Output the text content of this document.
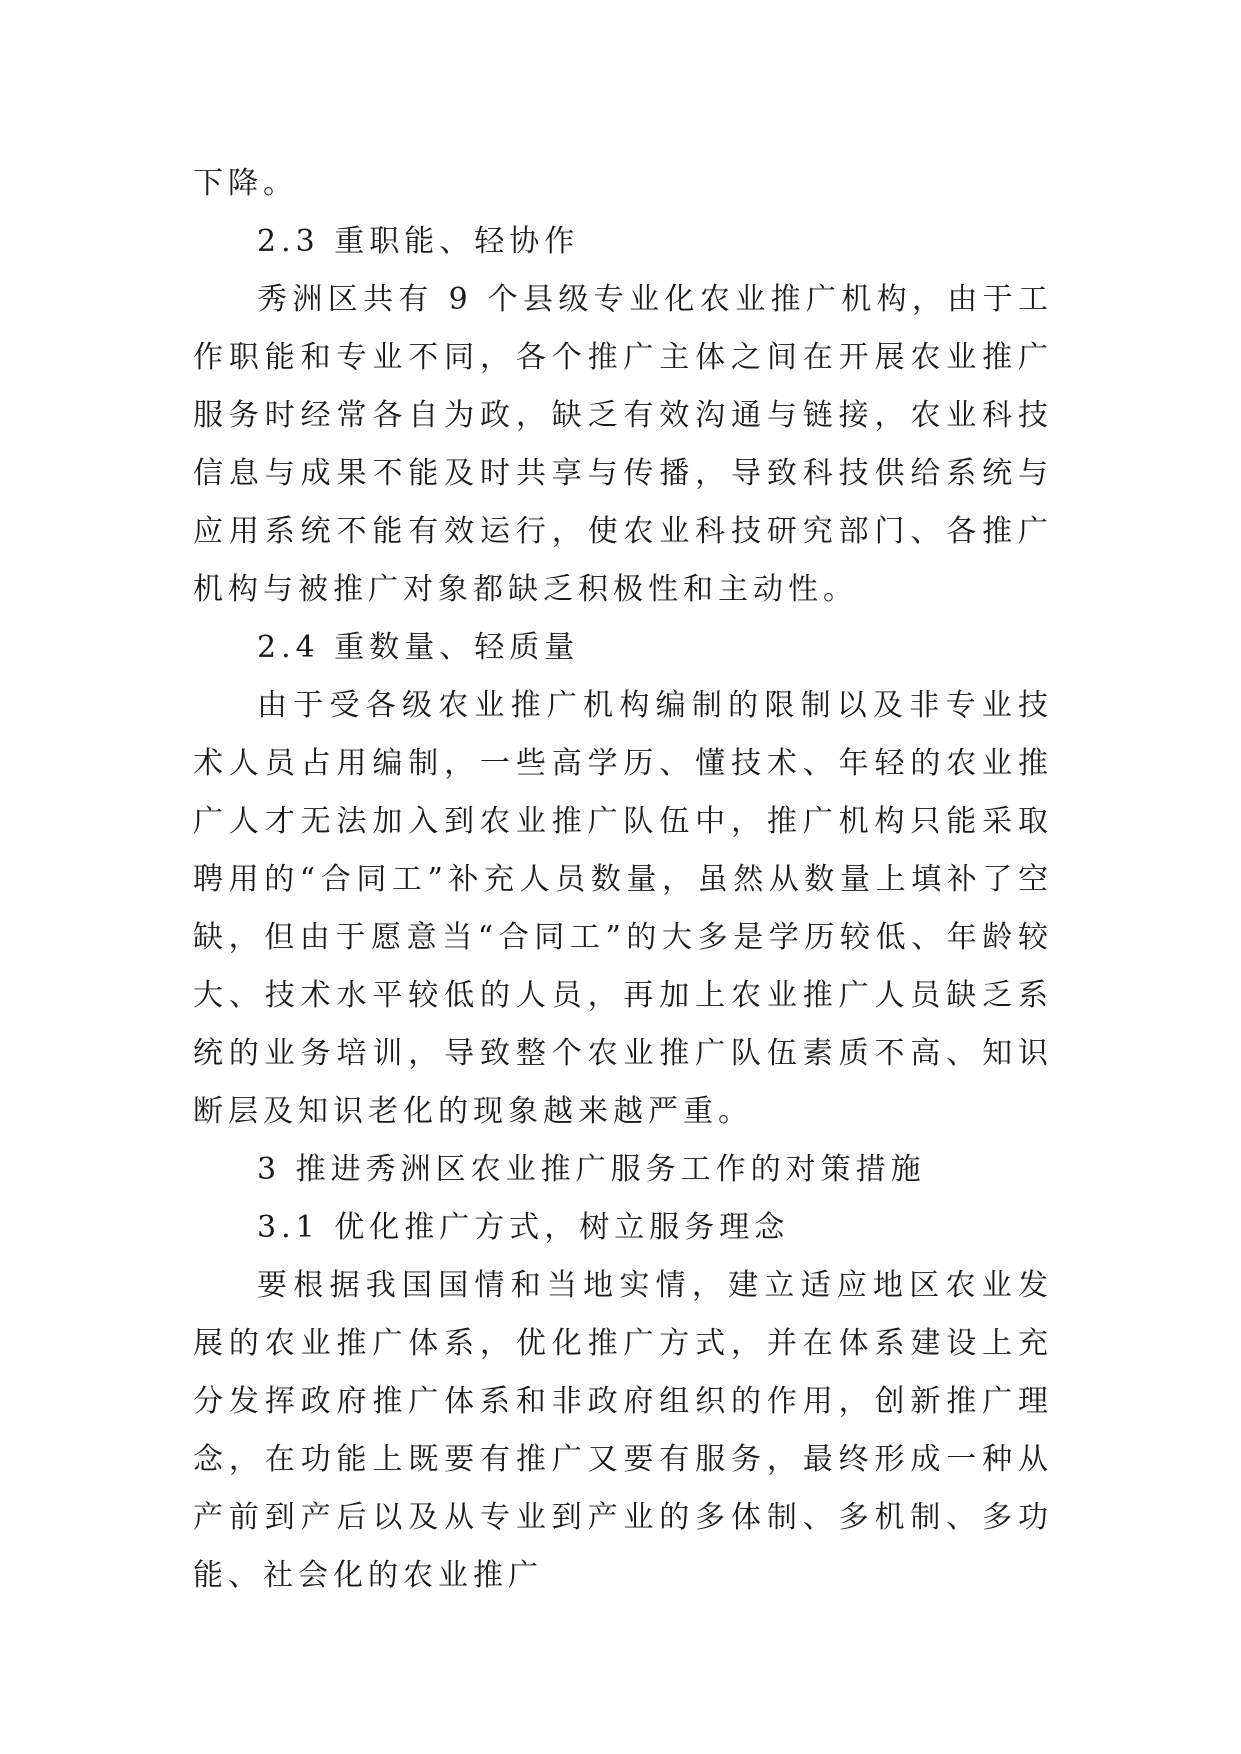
下降。

2.3 重职能、轻协作

秀洲区共有 9 个县级专业化农业推广机构，由于工作职能和专业不同，各个推广主体之间在开展农业推广服务时经常各自为政，缺乏有效沟通与链接，农业科技信息与成果不能及时共享与传播，导致科技供给系统与应用系统不能有效运行，使农业科技研究部门、各推广机构与被推广对象都缺乏积极性和主动性。

2.4 重数量、轻质量

由于受各级农业推广机构编制的限制以及非专业技术人员占用编制，一些高学历、懂技术、年轻的农业推广人才无法加入到农业推广队伍中，推广机构只能采取聘用的“合同工”补充人员数量，虽然从数量上填补了空缺，但由于愿意当“合同工”的大多是学历较低、年龄较大、技术水平较低的人员，再加上农业推广人员缺乏系统的业务培训，导致整个农业推广队伍素质不高、知识断层及知识老化的现象越来越严重。

3 推进秀洲区农业推广服务工作的对策措施

3.1 优化推广方式，树立服务理念

要根据我国国情和当地实情，建立适应地区农业发展的农业推广体系，优化推广方式，并在体系建设上充分发挥政府推广体系和非政府组织的作用，创新推广理念，在功能上既要有推广又要有服务，最终形成一种从产前到产后以及从专业到产业的多体制、多机制、多功能、社会化的农业推广
